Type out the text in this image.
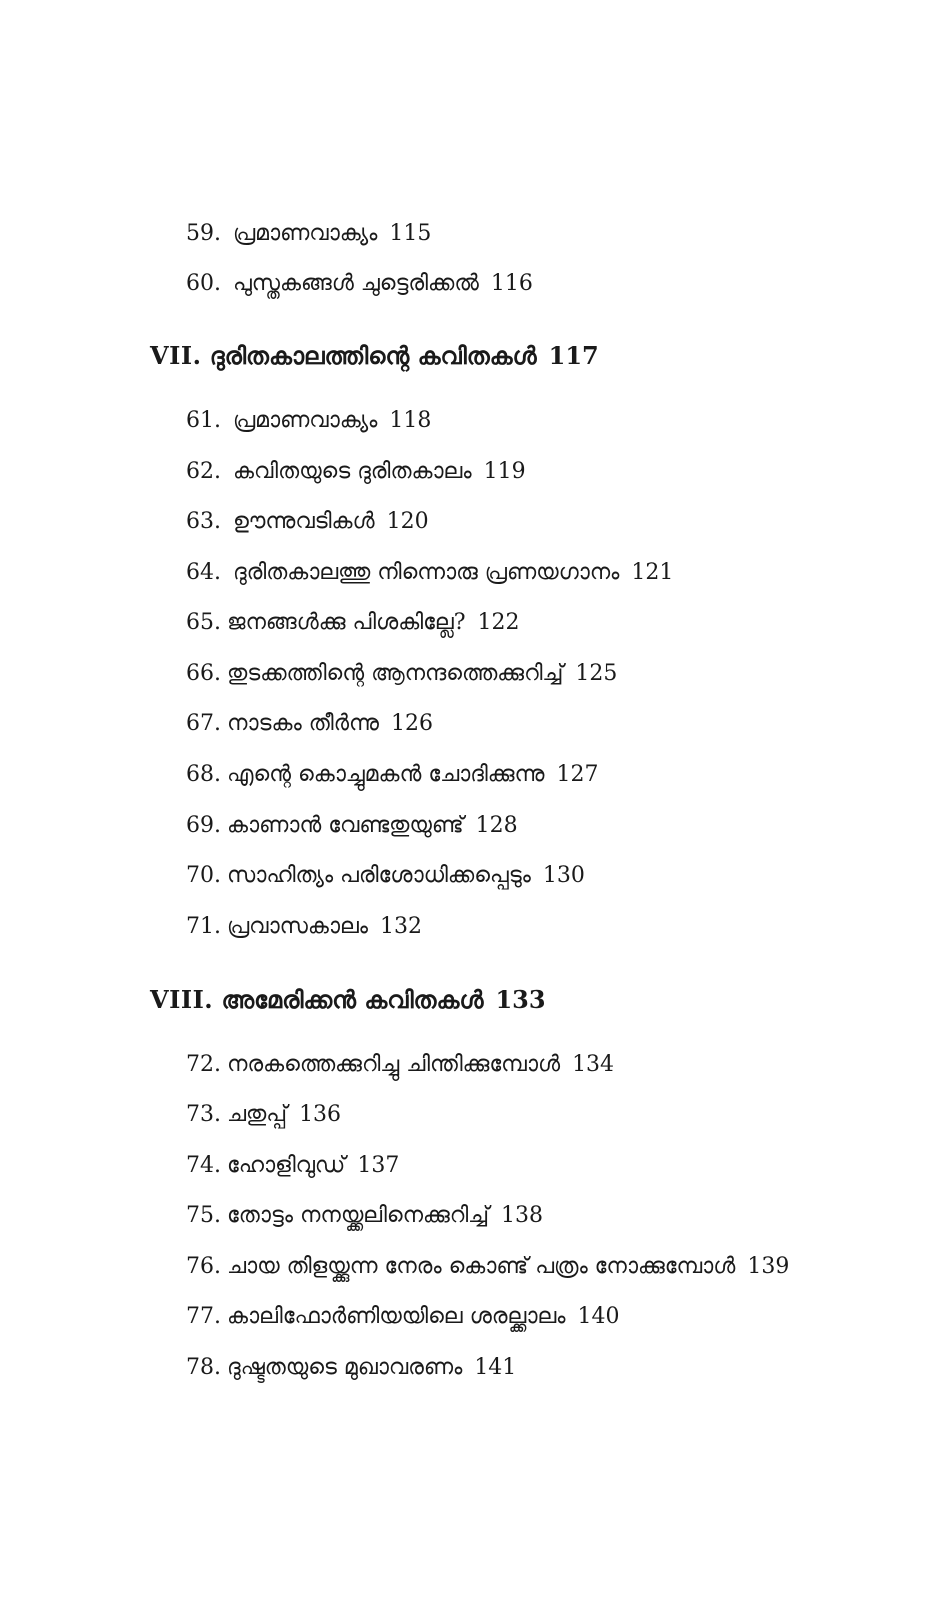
59. പ്രമാണവാക്യം 115
60. പുസ്തകങ്ങൾ ചുട്ടെരിക്കൽ 116
VII. ദുരിതകാലത്തിന്റെ കവിതകൾ 117
61. പ്രമാണവാക്യം 118
62. കവിതയുടെ ദുരിതകാലം 119
63. ഊന്നുവടികൾ 120
64. ദുരിതകാലത്തു നിന്നൊരു പ്രണയഗാനം 121
65. ജനങ്ങൾക്കു പിശകില്ലേ? 122
66. തുടക്കത്തിന്റെ ആനന്ദത്തെക്കുറിച്ച് 125
67. നാടകം തീർന്നു 126
68. എന്റെ കൊച്ചുമകൻ ചോദിക്കുന്നു 127
69. കാണാൻ വേണ്ടതുയുണ്ട് 128
70. സാഹിത്യം പരിശോധിക്കപ്പെടും 130
71. പ്രവാസകാലം 132
VIII. അമേരിക്കൻ കവിതകൾ 133
72. നരകത്തെക്കുറിച്ചു ചിന്തിക്കുമ്പോൾ 134
73. ചതുപ്പ് 136
74. ഹോളിവുഡ് 137
75. തോട്ടം നനയ്ക്കലിനെക്കുറിച്ച് 138
76. ചായ തിളയ്ക്കുന്ന നേരം കൊണ്ട് പത്രം നോക്കുമ്പോൾ 139
77. കാലിഫോർണിയയിലെ ശരല്ക്കാലം 140
78. ദുഷ്ടതയുടെ മുഖാവരണം 141
